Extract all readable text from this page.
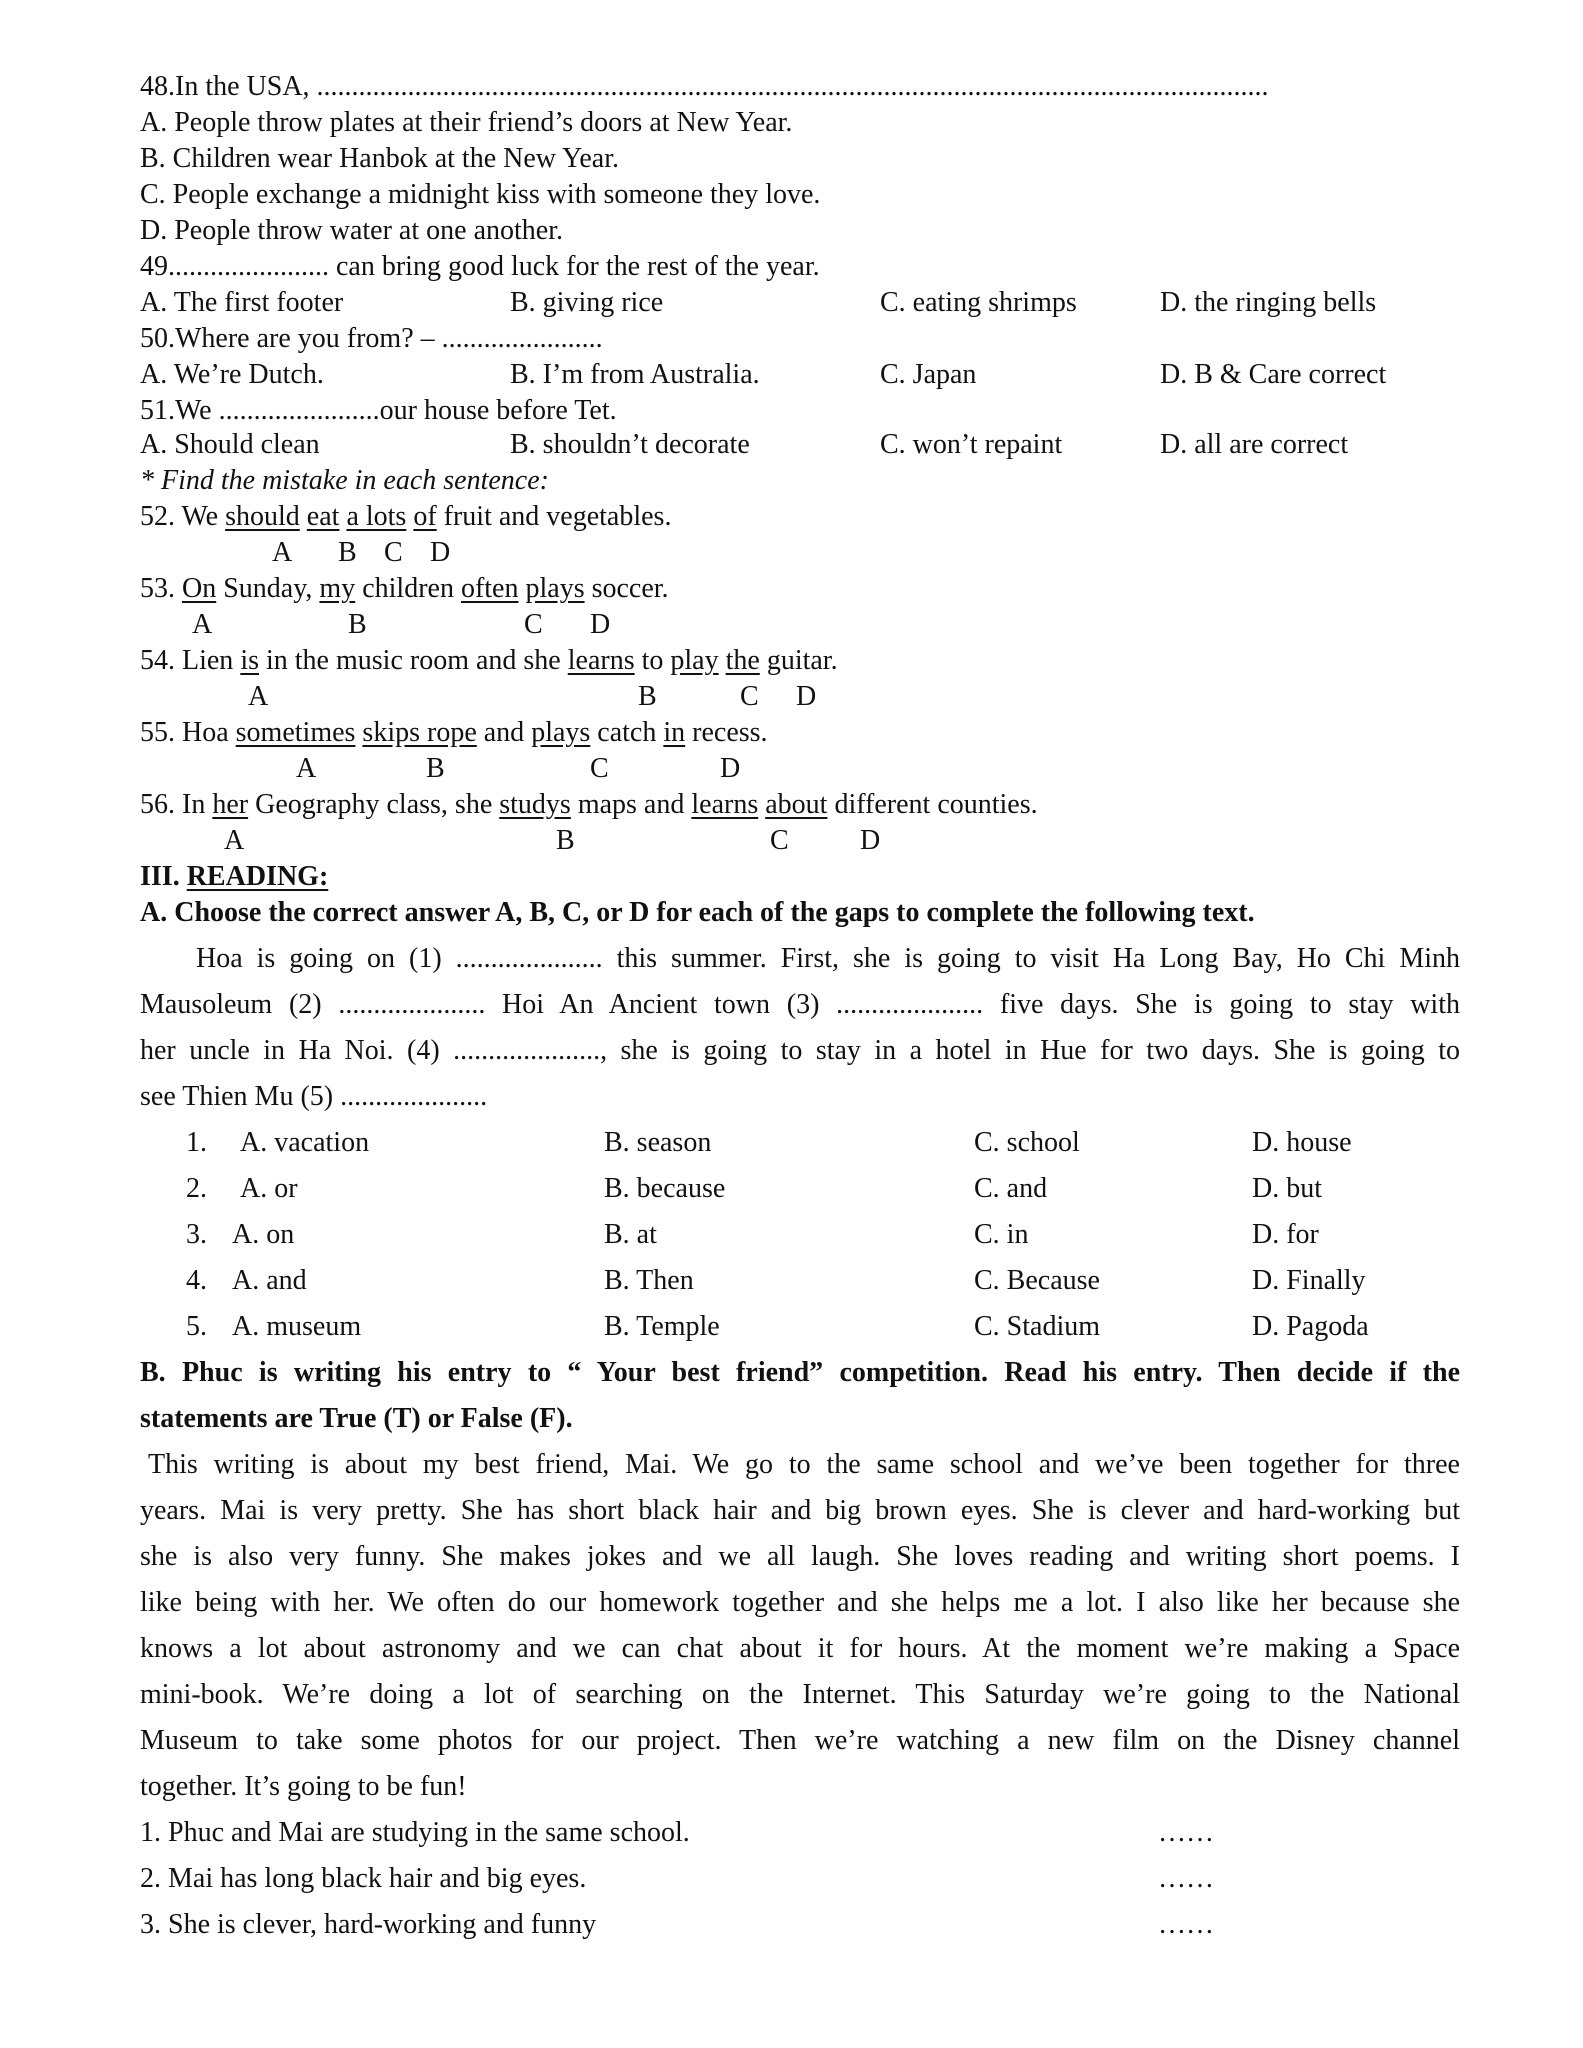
48.In the USA, ........................................................................................................................................
A. People throw plates at their friend’s doors at New Year.
B. Children wear Hanbok at the New Year.
C. People exchange a midnight kiss with someone they love.
D. People throw water at one another.
49....................... can bring good luck for the rest of the year.
A. The first footer	B. giving rice	C. eating shrimps	D. the ringing bells
50.Where are you from? – .......................
A. We’re Dutch.	B. I’m from Australia.	C. Japan	D. B & Care correct
51.We .......................our house before Tet.
A. Should clean	B. shouldn’t decorate	C. won’t repaint	D. all are correct
* Find the mistake in each sentence:
52. We should eat a lots of fruit and vegetables.
A B C D
53. On Sunday, my children often plays soccer.
A	B	C D
54. Lien is in the music room and she learns to play the guitar.
A	B	C D
55. Hoa sometimes skips rope and plays catch in recess.
A	B	C	D
56. In her Geography class, she studys maps and learns about different counties.
A	B	C	D
III. READING:
A. Choose the correct answer A, B, C, or D for each of the gaps to complete the following text.
Hoa is going on (1) ..................... this summer. First, she is going to visit Ha Long Bay, Ho Chi Minh
Mausoleum (2) ..................... Hoi An Ancient town (3) ..................... five days. She is going to stay with
her uncle in Ha Noi. (4) ....................., she is going to stay in a hotel in Hue for two days. She is going to
see Thien Mu (5) .....................
1. A. vacation	B. season	C. school	D. house
2. A. or	B. because	C. and	D. but
3. A. on	B. at	C. in	D. for
4. A. and	B. Then	C. Because	D. Finally
5. A. museum	B. Temple	C. Stadium	D. Pagoda
B. Phuc is writing his entry to “ Your best friend” competition. Read his entry. Then decide if the
statements are True (T) or False (F).
This writing is about my best friend, Mai. We go to the same school and we’ve been together for three
years. Mai is very pretty. She has short black hair and big brown eyes. She is clever and hard-working but
she is also very funny. She makes jokes and we all laugh. She loves reading and writing short poems. I
like being with her. We often do our homework together and she helps me a lot. I also like her because she
knows a lot about astronomy and we can chat about it for hours. At the moment we’re making a Space
mini-book. We’re doing a lot of searching on the Internet. This Saturday we’re going to the National
Museum to take some photos for our project. Then we’re watching a new film on the Disney channel
together. It’s going to be fun!
1. Phuc and Mai are studying in the same school.	……
2. Mai has long black hair and big eyes.	……
3. She is clever, hard-working and funny	……
